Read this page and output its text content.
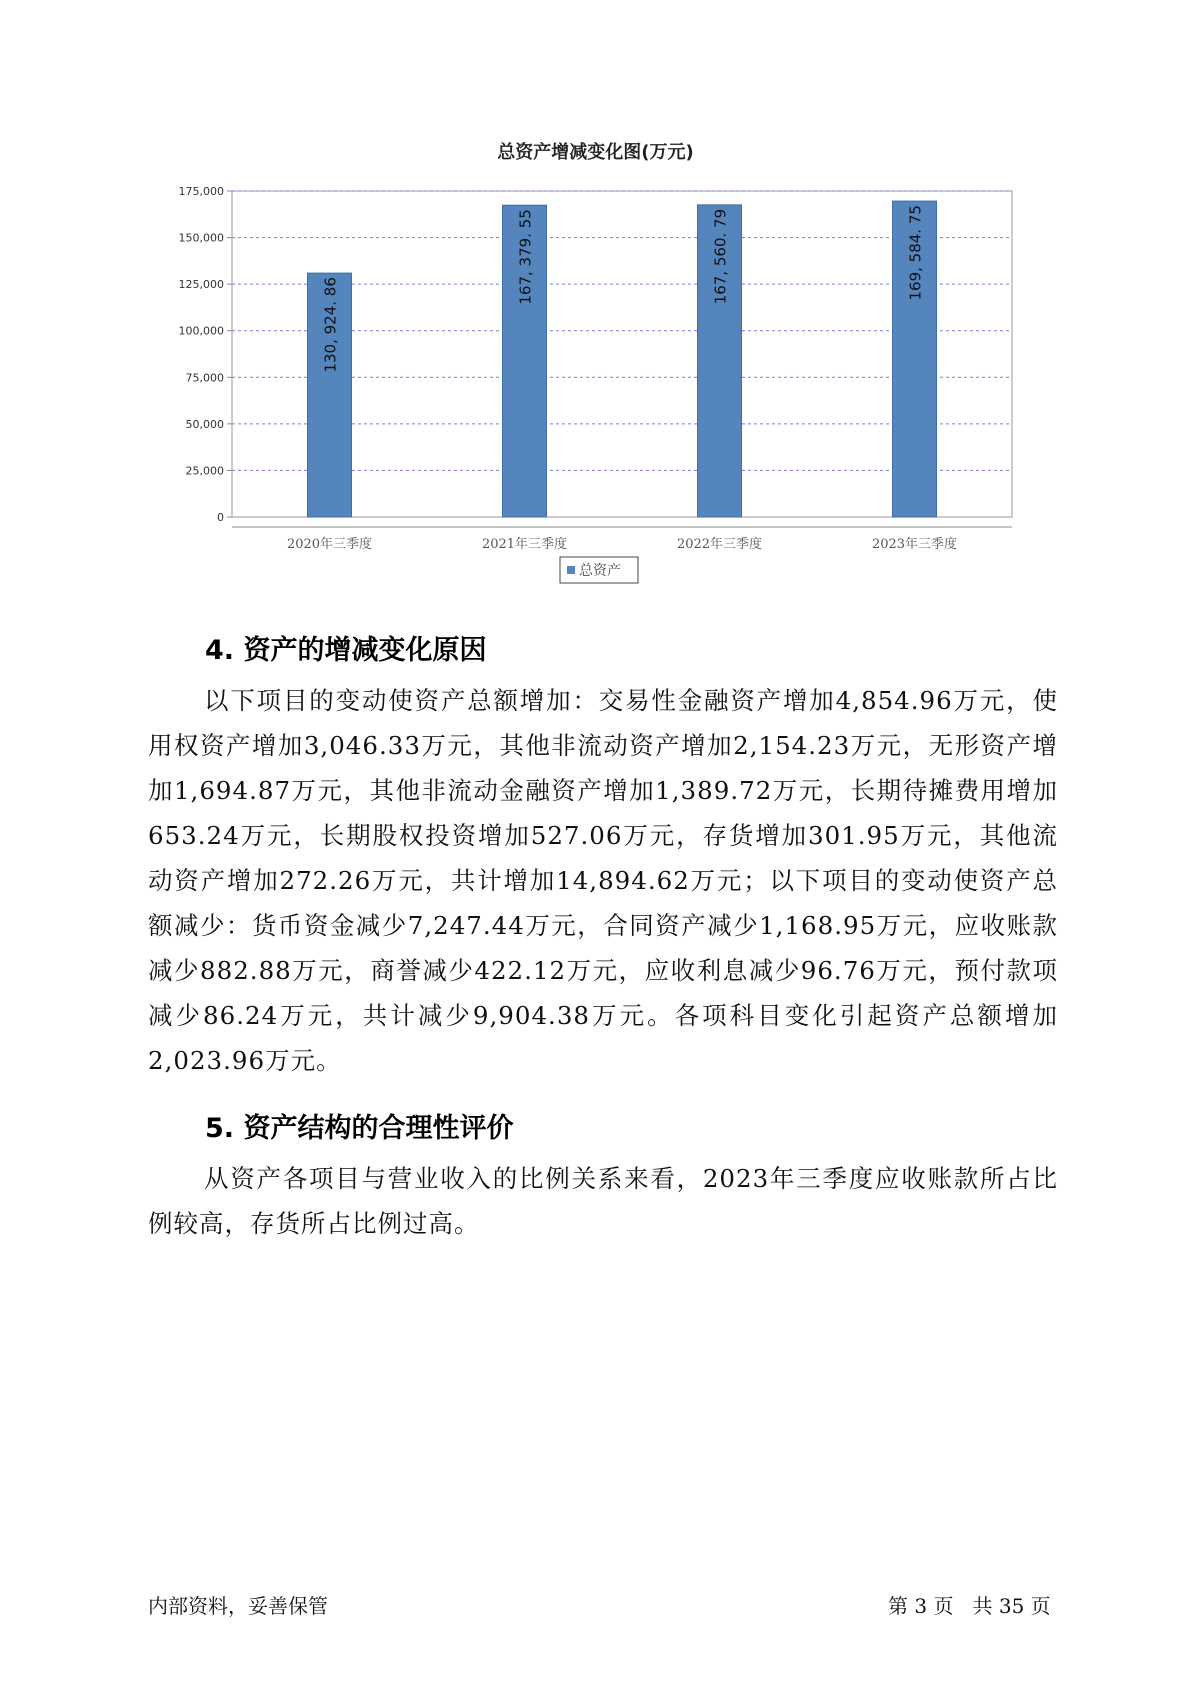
总资产增减变化图(万元)
0
25,000
50,000
75,000
100,000
125,000
150,000
175,000
130, 924. 86
2020年三季度
167, 379. 55
2021年三季度
167, 560. 79
2022年三季度
169, 584. 75
2023年三季度
总资产
4. 资产的增减变化原因

以下项目的变动使资产总额增加：交易性金融资产增加4,854.96万元，使用权资产增加3,046.33万元，其他非流动资产增加2,154.23万元，无形资产增加1,694.87万元，其他非流动金融资产增加1,389.72万元，长期待摊费用增加653.24万元，长期股权投资增加527.06万元，存货增加301.95万元，其他流动资产增加272.26万元，共计增加14,894.62万元；以下项目的变动使资产总额减少：货币资金减少7,247.44万元，合同资产减少1,168.95万元，应收账款减少882.88万元，商誉减少422.12万元，应收利息减少96.76万元，预付款项减少86.24万元，共计减少9,904.38万元。各项科目变化引起资产总额增加2,023.96万元。

5. 资产结构的合理性评价

从资产各项目与营业收入的比例关系来看，2023年三季度应收账款所占比例较高，存货所占比例过高。

内部资料，妥善保管	第 3 页   共 35 页
